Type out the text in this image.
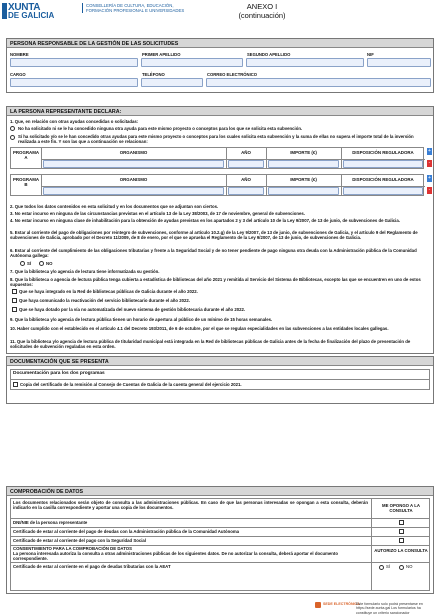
XUNTA
DE GALICIA
CONSELLERÍA DE CULTURA, EDUCACIÓN, FORMACIÓN PROFESIONAL E UNIVERSIDADES	ANEXO I
(continuación)
PERSONA RESPONSABLE DE LA GESTIÓN DE LAS SOLICITUDES
NOMBRE	PRIMER APELLIDO	SEGUNDO APELLIDO	NIF
CARGO	TELÉFONO	CORREO ELECTRÓNICO
LA PERSONA REPRESENTANTE DECLARA:
1. Que, en relación con otras ayudas concedidas o solicitadas:
No ha solicitado ni se le ha concedido ninguna otra ayuda para este mismo proyecto o conceptos para los que se solicita esta subvención.
Sí ha solicitado y/o se le han concedido otras ayudas para este mismo proyecto o conceptos para los cuales solicita esta subvención y la suma de ellas no supera el importe total de la inversión realizada a este fin. Y son las que a continuación se relacionan:
PROGRAMA A
ORGANISMO	AÑO	IMPORTE (€)	DISPOSICIÓN REGULADORA	+
-
PROGRAMA B
ORGANISMO	AÑO	IMPORTE (€)	DISPOSICIÓN REGULADORA	+
-
2. Que todos los datos contenidos en esta solicitud y en los documentos que se adjuntan son ciertos.
3. No estar incurso en ninguna de las circunstancias previstas en el artículo 13 de la Ley 38/2003, de 17 de noviembre, general de subvenciones.
4. No estar incurso en ninguna clase de inhabilitación para la obtención de ayudas previstas en los apartados 2 y 3 del artículo 10 de la Ley 9/2007, de 13 de junio, de subvenciones de Galicia.
5. Estar al corriente del pago de obligaciones por reintegro de subvenciones, conforme al artículo 10.2.g) de la Ley 9/2007, de 13 de junio, de subvenciones de Galicia, y el artículo 9 del Reglamento de subvenciones de Galicia, aprobado por el Decreto 11/2009, de 8 de enero, por el que se aprueba el Reglamento de la Ley 9/2007, de 13 de junio, de subvenciones de Galicia.
6. Estar al corriente del cumplimiento de las obligaciones tributarias y frente a la Seguridad Social y de no tener pendiente de pago ninguna otra deuda con la Administración pública de la Comunidad Autónoma gallega:
SÍ	NO
7. Que la biblioteca y/o agencia de lectura tiene informatizada su gestión.
8. Que la biblioteca o agencia de lectura pública tenga cubierta a estadística de bibliotecas del año 2021 y remitida al Servicio del Sistema de Bibliotecas, excepto las que se encuentren en uno de estos supuestos:
Que se haya integrado en la Red de bibliotecas públicas de Galicia durante el año 2022.
Que haya comunicado la reactivación del servicio bibliotecario durante el año 2022.
Que se haya dotado por la vía no automatizada del nuevo sistema de gestión bibliotecaria durante el año 2022.
9. Que la biblioteca y/o agencia de lectura pública tienen un horario de apertura al público de un mínimo de 15 horas semanales.
10. Haber cumplido con el establecido en el artículo 4.1 del Decreto 193/2011, de 6 de octubre, por el que se regulan especialidades en las subvenciones a las entidades locales gallegas.
11. Que la biblioteca y/o agencia de lectura pública de titularidad municipal está integrada en la Red de bibliotecas públicas de Galicia antes de la fecha de finalización del plazo de presentación de solicitudes de subvención reguladas en esta orden.
DOCUMENTACIÓN QUE SE PRESENTA
Documentación para los dos programas
Copia del certificado de la remisión al Consejo de Cuentas de Galicia de la cuenta general del ejercicio 2021.
COMPROBACIÓN DE DATOS
Los documentos relacionados serán objeto de consulta a las administraciones públicas. En caso de que las personas interesadas se opongan a esta consulta, deberán indicarlo en la casilla correspondiente y aportar una copia de los documentos.	ME OPONGO A LA CONSULTA
DNI/NIE de la persona representante
Certificado de estar al corriente del pago de deudas con la Administración pública de la Comunidad Autónoma
Certificado de estar al corriente del pago con la Seguridad Social
CONSENTIMIENTO PARA LA COMPROBACIÓN DE DATOS
La persona interesada autoriza la consulta a otras administraciones públicas de los siguientes datos. De no autorizar la consulta, deberá aportar el documento correspondiente.
AUTORIZO LA CONSULTA
Certificado de estar al corriente en el pago de deudas tributarias con la AEAT	SÍ	NO
SEDE ELECTRÓNICA
Este formulario solo podrá presentarse en https://sede.xunta.gal Los formularios ha constituye un criterio sancionador
